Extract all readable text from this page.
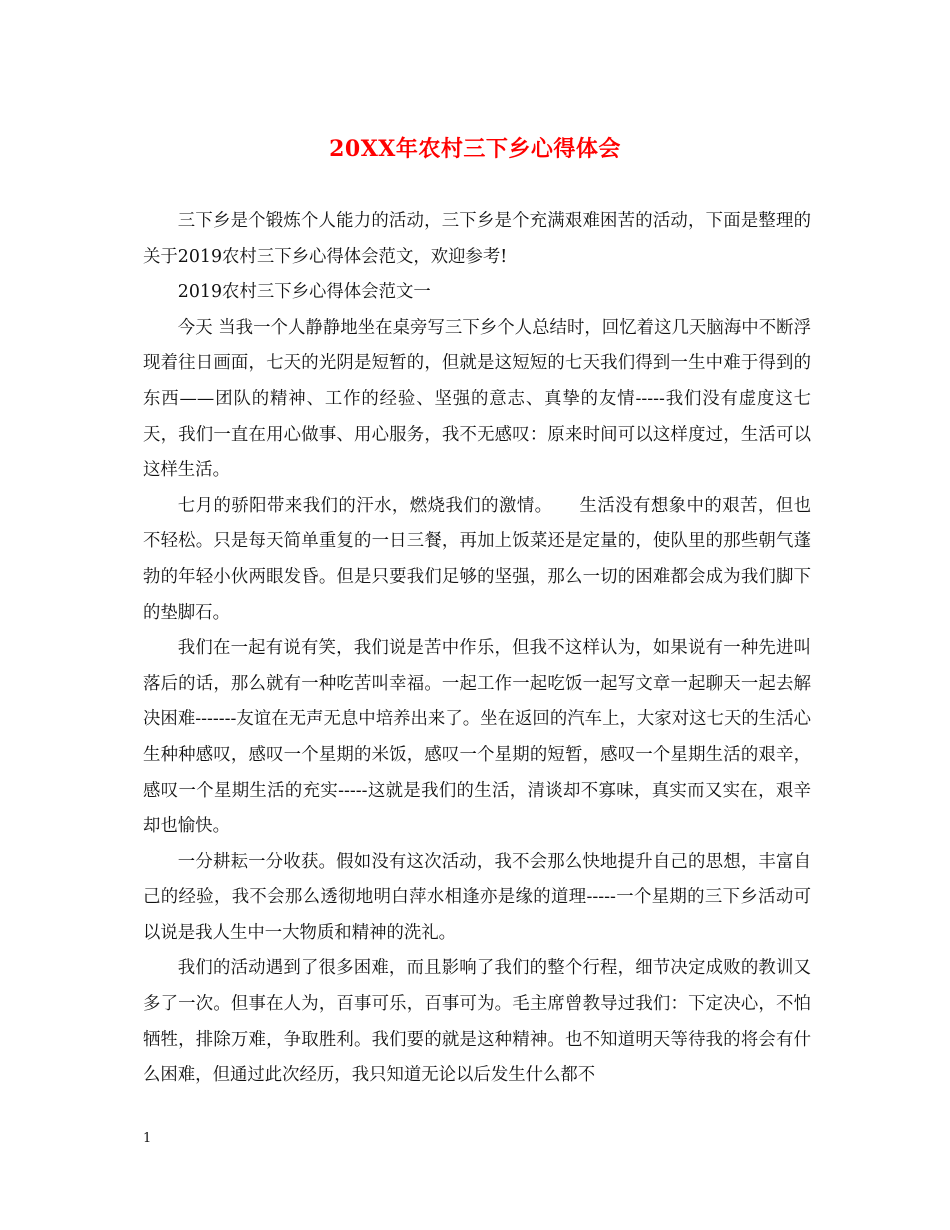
20XX年农村三下乡心得体会

三下乡是个锻炼个人能力的活动，三下乡是个充满艰难困苦的活动，下面是整理的关于2019农村三下乡心得体会范文，欢迎参考!

2019农村三下乡心得体会范文一

今天 当我一个人静静地坐在桌旁写三下乡个人总结时，回忆着这几天脑海中不断浮现着往日画面，七天的光阴是短暂的，但就是这短短的七天我们得到一生中难于得到的东西——团队的精神、工作的经验、坚强的意志、真挚的友情-----我们没有虚度这七天，我们一直在用心做事、用心服务，我不无感叹：原来时间可以这样度过，生活可以这样生活。

七月的骄阳带来我们的汗水，燃烧我们的激情。　　生活没有想象中的艰苦，但也不轻松。只是每天简单重复的一日三餐，再加上饭菜还是定量的，使队里的那些朝气蓬勃的年轻小伙两眼发昏。但是只要我们足够的坚强，那么一切的困难都会成为我们脚下的垫脚石。

我们在一起有说有笑，我们说是苦中作乐，但我不这样认为，如果说有一种先进叫落后的话，那么就有一种吃苦叫幸福。一起工作一起吃饭一起写文章一起聊天一起去解决困难-------友谊在无声无息中培养出来了。坐在返回的汽车上，大家对这七天的生活心生种种感叹，感叹一个星期的米饭，感叹一个星期的短暂，感叹一个星期生活的艰辛，感叹一个星期生活的充实-----这就是我们的生活，清谈却不寡味，真实而又实在，艰辛却也愉快。

一分耕耘一分收获。假如没有这次活动，我不会那么快地提升自己的思想，丰富自己的经验，我不会那么透彻地明白萍水相逢亦是缘的道理-----一个星期的三下乡活动可以说是我人生中一大物质和精神的洗礼。

我们的活动遇到了很多困难，而且影响了我们的整个行程，细节决定成败的教训又多了一次。但事在人为，百事可乐，百事可为。毛主席曾教导过我们：下定决心，不怕牺牲，排除万难，争取胜利。我们要的就是这种精神。也不知道明天等待我的将会有什么困难，但通过此次经历，我只知道无论以后发生什么都不

1
